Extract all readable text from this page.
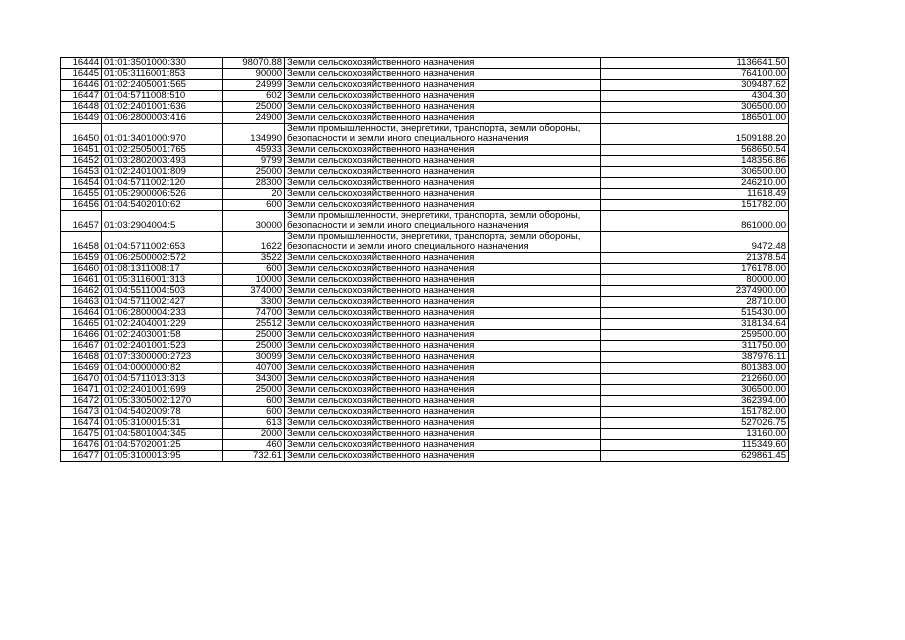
16444	01:01:3501000:330	98070.88	Земли сельскохозяйственного назначения	1136641.50
16445	01:05:3116001:853	90000	Земли сельскохозяйственного назначения	764100.00
16446	01:02:2405001:565	24999	Земли сельскохозяйственного назначения	309487.62
16447	01:04:5711008:510	602	Земли сельскохозяйственного назначения	4304.30
16448	01:02:2401001:636	25000	Земли сельскохозяйственного назначения	306500.00
16449	01:06:2800003:416	24900	Земли сельскохозяйственного назначения	186501.00
16450	01:01:3401000:970	134990	Земли промышленности, энергетики, транспорта, земли обороны, безопасности и земли иного специального назначения	1509188.20
16451	01:02:2505001:765	45933	Земли сельскохозяйственного назначения	568650.54
16452	01:03:2802003:493	9799	Земли сельскохозяйственного назначения	148356.86
16453	01:02:2401001:809	25000	Земли сельскохозяйственного назначения	306500.00
16454	01:04:5711002:120	28300	Земли сельскохозяйственного назначения	246210.00
16455	01:05:2900006:526	20	Земли сельскохозяйственного назначения	11618.49
16456	01:04:5402010:62	600	Земли сельскохозяйственного назначения	151782.00
16457	01:03:2904004:5	30000	Земли промышленности, энергетики, транспорта, земли обороны, безопасности и земли иного специального назначения	861000.00
16458	01:04:5711002:653	1622	Земли промышленности, энергетики, транспорта, земли обороны, безопасности и земли иного специального назначения	9472.48
16459	01:06:2500002:572	3522	Земли сельскохозяйственного назначения	21378.54
16460	01:08:1311008:17	600	Земли сельскохозяйственного назначения	176178.00
16461	01:05:3116001:313	10000	Земли сельскохозяйственного назначения	80000.00
16462	01:04:5511004:503	374000	Земли сельскохозяйственного назначения	2374900.00
16463	01:04:5711002:427	3300	Земли сельскохозяйственного назначения	28710.00
16464	01:06:2800004:233	74700	Земли сельскохозяйственного назначения	515430.00
16465	01:02:2404001:229	25512	Земли сельскохозяйственного назначения	318134.64
16466	01:02:2403001:58	25000	Земли сельскохозяйственного назначения	259500.00
16467	01:02:2401001:523	25000	Земли сельскохозяйственного назначения	311750.00
16468	01:07:3300000:2723	30099	Земли сельскохозяйственного назначения	387976.11
16469	01:04:0000000:82	40700	Земли сельскохозяйственного назначения	801383.00
16470	01:04:5711013:313	34300	Земли сельскохозяйственного назначения	212660.00
16471	01:02:2401001:699	25000	Земли сельскохозяйственного назначения	306500.00
16472	01:05:3305002:1270	600	Земли сельскохозяйственного назначения	362394.00
16473	01:04:5402009:78	600	Земли сельскохозяйственного назначения	151782.00
16474	01:05:3100015:31	613	Земли сельскохозяйственного назначения	527026.75
16475	01:04:5801004:345	2000	Земли сельскохозяйственного назначения	13160.00
16476	01:04:5702001:25	460	Земли сельскохозяйственного назначения	115349.60
16477	01:05:3100013:95	732.61	Земли сельскохозяйственного назначения	629861.45
